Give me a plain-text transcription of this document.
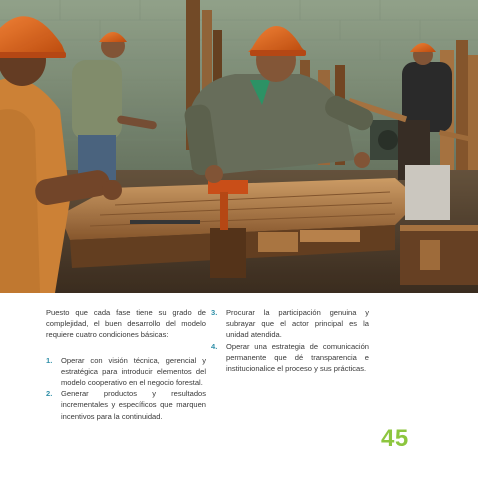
Puesto que cada fase tiene su grado de complejidad, el buen desarrollo del modelo requiere cuatro condiciones básicas:

1.	Operar con visión técnica, gerencial y estratégica para introducir elementos del modelo cooperativo en el negocio forestal.
2.	Generar productos y resultados incrementales y específicos que marquen incentivos para la continuidad.
3.	Procurar la participación genuina y subrayar que el actor principal es la unidad atendida.
4.	Operar una estrategia de comunicación permanente que dé transparencia e institucionalice el proceso y sus prácticas.
45
